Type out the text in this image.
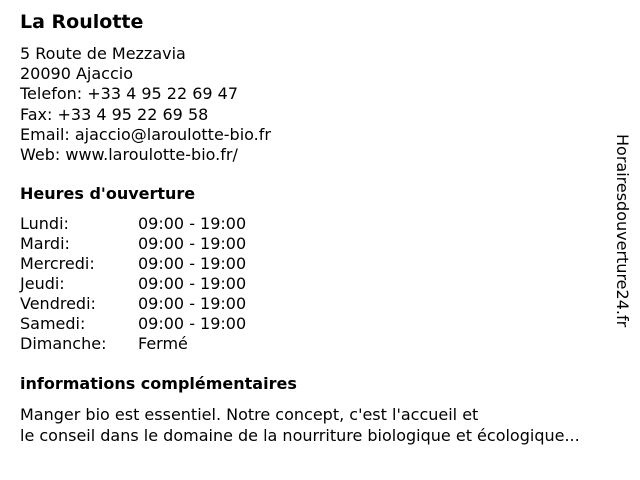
La Roulotte
5 Route de Mezzavia
20090 Ajaccio
Telefon: +33 4 95 22 69 47
Fax: +33 4 95 22 69 58
Email: ajaccio@laroulotte-bio.fr
Web: www.laroulotte-bio.fr/
Heures d'ouverture
Lundi:	09:00 - 19:00
Mardi:	09:00 - 19:00
Mercredi:	09:00 - 19:00
Jeudi:	09:00 - 19:00
Vendredi:	09:00 - 19:00
Samedi:	09:00 - 19:00
Dimanche: Fermé
informations complémentaires
Manger bio est essentiel. Notre concept, c'est l'accueil et
le conseil dans le domaine de la nourriture biologique et écologique...
Horairesdouverture24.fr
